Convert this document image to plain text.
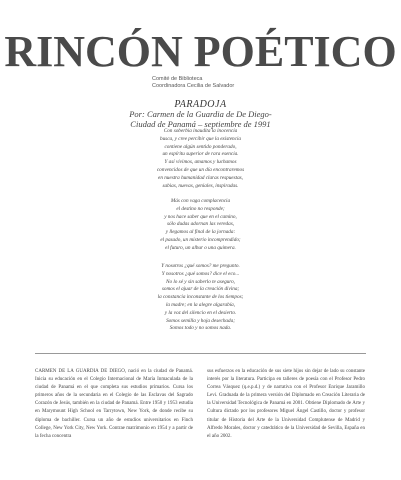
RINCÓN POÉTICO
Comité de Biblioteca
Coordinadora Cecilia de Salvador
PARADOJA
Por: Carmen de la Guardia de De Diego-
Ciudad de Panamá – septiembre de 1991
Con soberbia inaudita la inocencia
busca, y cree percibir que la existencia
contiene algún sentido ponderado,
un espíritu superior de rara esencia.
Y así vivimos, amamos y luchamos
convencidos de que un día encontraremos
en nuestra humanidad claras respuestas,
sabias, nuevas, geniales, inspiradas.
Más con vaga complacencia
el destino no responde;
y nos hace saber que en el camino,
sólo dudas adornan las veredas,
y llegamos al final de la jornada:
el pasado, un misterio incomprendido;
el futuro, un albur o una quimera.
Y nosotros ¿qué somos? me pregunto.
Y nosotros ¿qué somos? dice el eco...
No lo sé y sin saberlo te aseguro,
somos el ajuar de la creación divina;
la constancia inconstante de los tiempos;
la madre; en la alegre algarabía,
y la voz del silencio en el desierto.
Somos semilla y hoja desechada;
Somos todo y no somos nada.
CARMEN DE LA GUARDIA DE DIEGO, nació en la ciudad de Panamá. Inicia su educación en el Colegio Internacional de María Inmaculada de la ciudad de Panamá en el que completa sus estudios primarios. Cursa los primeros años de la secundaria en el Colegio de las Esclavas del Sagrado Corazón de Jesús, también en la ciudad de Panamá. Entre 1950 y 1953 estudia en Marymount High School en Tarrytown, New York, de donde recibe su diploma de bachiller. Cursa un año de estudios universitarios en Finch College, New York City, New York. Contrae matrimonio en 1954 y a partir de la fecha concentra
sus esfuerzos en la educación de sus siete hijos sin dejar de lado su constante interés por la literatura. Participa en talleres de poesía con el Profesor Pedro Correa Vásquez (q.e.p.d.) y de narrativa con el Profesor Enrique Jaramillo Levi. Graduada de la primera versión del Diplomado en Creación Literaria de la Universidad Tecnológica de Panamá en 2001. Obtiene Diplomado de Arte y Cultura dictado por los profesores Miguel Ángel Castillo, doctor y profesor titular de Historia del Arte de la Universidad Complutense de Madrid y Alfredo Morales, doctor y catedrático de la Universidad de Sevilla, España en el año 2002.
